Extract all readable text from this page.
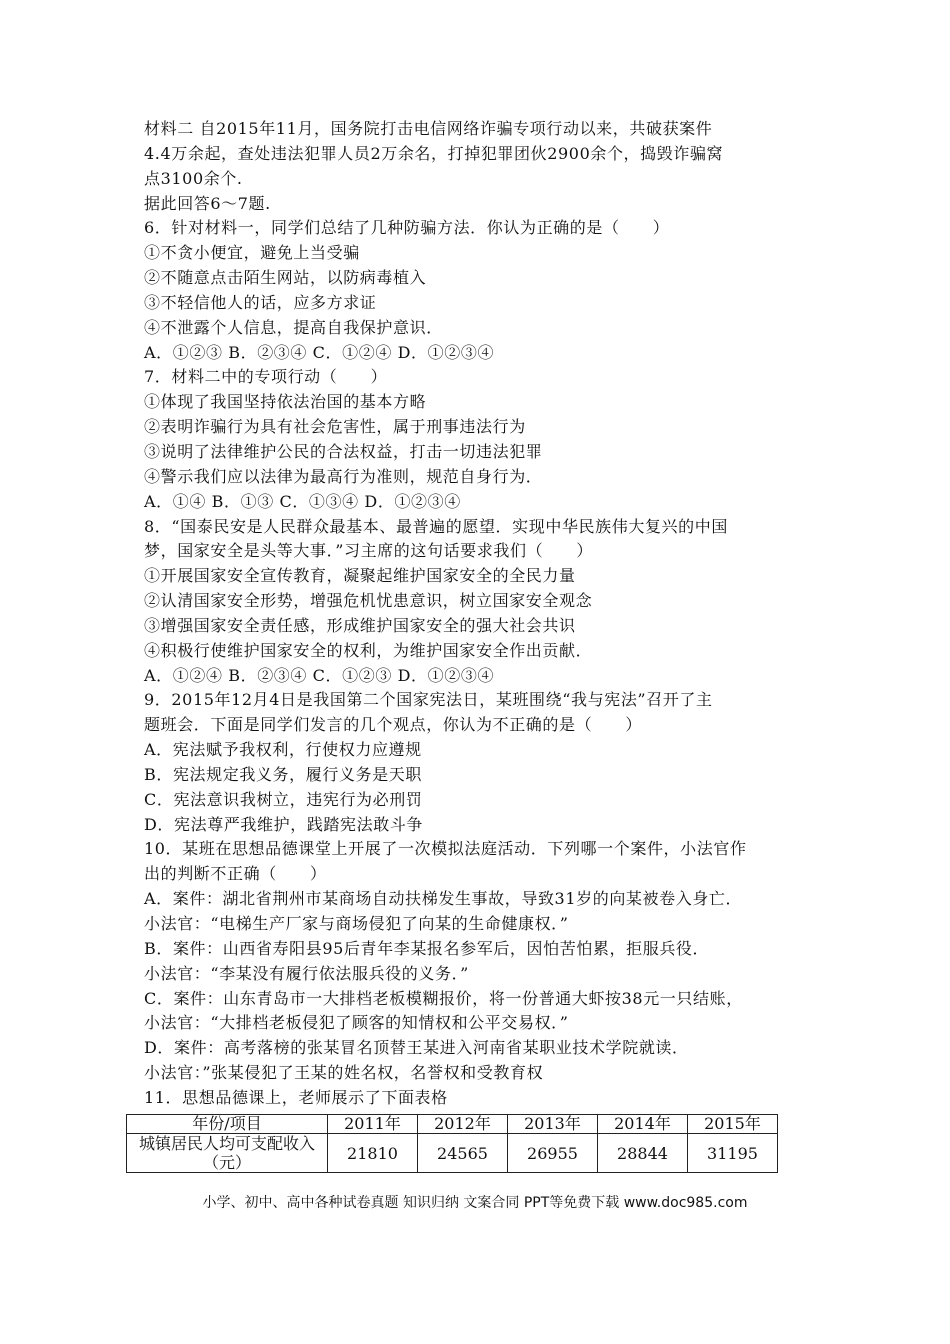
材料二 自2015年11月，国务院打击电信网络诈骗专项行动以来，共破获案件
4.4万余起，查处违法犯罪人员2万余名，打掉犯罪团伙2900余个，捣毁诈骗窝
点3100余个.
据此回答6～7题.
6．针对材料一，同学们总结了几种防骗方法．你认为正确的是（　　）
①不贪小便宜，避免上当受骗
②不随意点击陌生网站，以防病毒植入
③不轻信他人的话，应多方求证
④不泄露个人信息，提高自我保护意识．
A．①②③ B．②③④ C．①②④ D．①②③④
7．材料二中的专项行动（　　）
①体现了我国坚持依法治国的基本方略
②表明诈骗行为具有社会危害性，属于刑事违法行为
③说明了法律维护公民的合法权益，打击一切违法犯罪
④警示我们应以法律为最高行为准则，规范自身行为．
A．①④ B．①③ C．①③④ D．①②③④
8．“国泰民安是人民群众最基本、最普遍的愿望．实现中华民族伟大复兴的中国
梦，国家安全是头等大事．”习主席的这句话要求我们（　　）
①开展国家安全宣传教育，凝聚起维护国家安全的全民力量
②认清国家安全形势，增强危机忧患意识，树立国家安全观念
③增强国家安全责任感，形成维护国家安全的强大社会共识
④积极行使维护国家安全的权利，为维护国家安全作出贡献．
A．①②④ B．②③④ C．①②③ D．①②③④
9．2015年12月4日是我国第二个国家宪法日，某班围绕“我与宪法”召开了主
题班会．下面是同学们发言的几个观点，你认为不正确的是（　　）
A．宪法赋予我权利，行使权力应遵规
B．宪法规定我义务，履行义务是天职
C．宪法意识我树立，违宪行为必刑罚
D．宪法尊严我维护，践踏宪法敢斗争
10．某班在思想品德课堂上开展了一次模拟法庭活动．下列哪一个案件，小法官作
出的判断不正确（　　）
A．案件：湖北省荆州市某商场自动扶梯发生事故，导致31岁的向某被卷入身亡．
小法官：“电梯生产厂家与商场侵犯了向某的生命健康权．”
B．案件：山西省寿阳县95后青年李某报名参军后，因怕苦怕累，拒服兵役．
小法官：“李某没有履行依法服兵役的义务．”
C．案件：山东青岛市一大排档老板模糊报价，将一份普通大虾按38元一只结账，
小法官：“大排档老板侵犯了顾客的知情权和公平交易权．”
D．案件：高考落榜的张某冒名顶替王某进入河南省某职业技术学院就读．
小法官：”张某侵犯了王某的姓名权，名誉权和受教育权
11．思想品德课上，老师展示了下面表格
年份/项目	2011年	2012年	2013年	2014年	2015年
城镇居民人均可支配收入（元）	21810	24565	26955	28844	31195
小学、初中、高中各种试卷真题 知识归纳 文案合同 PPT等免费下载 www.doc985.com
